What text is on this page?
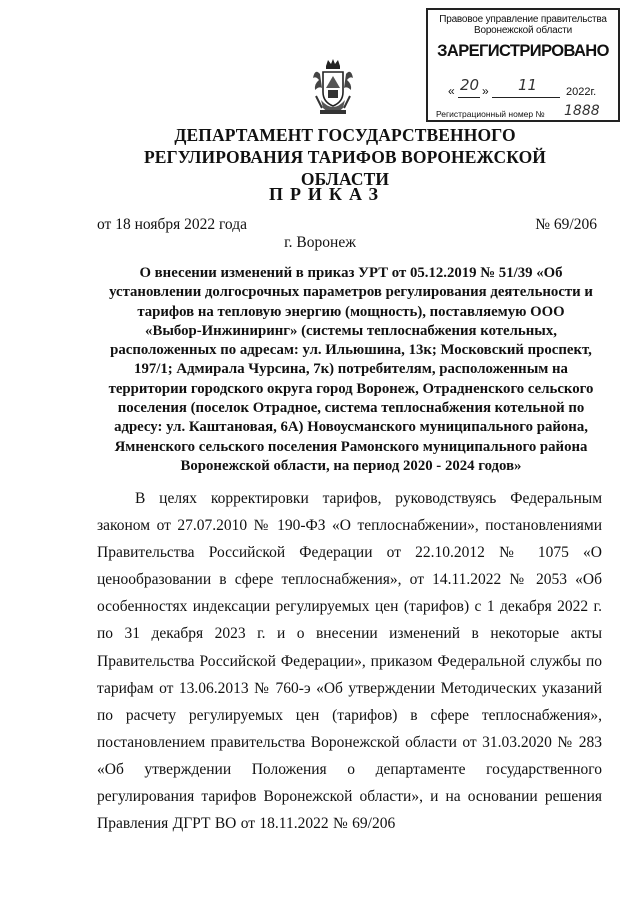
Правовое управление правительства Воронежской области
ЗАРЕГИСТРИРОВАНО
« 20 » 11	2022г.
Регистрационный номер № 1888
ДЕПАРТАМЕНТ ГОСУДАРСТВЕННОГО РЕГУЛИРОВАНИЯ ТАРИФОВ ВОРОНЕЖСКОЙ ОБЛАСТИ
ПРИКАЗ
от 18 ноября 2022 года	№ 69/206
г. Воронеж
О внесении изменений в приказ УРТ от 05.12.2019 № 51/39 «Об установлении долгосрочных параметров регулирования деятельности и тарифов на тепловую энергию (мощность), поставляемую ООО «Выбор-Инжиниринг» (системы теплоснабжения котельных, расположенных по адресам: ул. Ильюшина, 13к; Московский проспект, 197/1; Адмирала Чурсина, 7к) потребителям, расположенным на территории городского округа город Воронеж, Отрадненского сельского поселения (поселок Отрадное, система теплоснабжения котельной по адресу: ул. Каштановая, 6А) Новоусманского муниципального района, Ямненского сельского поселения Рамонского муниципального района Воронежской области, на период 2020 - 2024 годов»
В целях корректировки тарифов, руководствуясь Федеральным законом от 27.07.2010 № 190-ФЗ «О теплоснабжении», постановлениями Правительства Российской Федерации от 22.10.2012 № 1075 «О ценообразовании в сфере теплоснабжения», от 14.11.2022 № 2053 «Об особенностях индексации регулируемых цен (тарифов) с 1 декабря 2022 г. по 31 декабря 2023 г. и о внесении изменений в некоторые акты Правительства Российской Федерации», приказом Федеральной службы по тарифам от 13.06.2013 № 760-э «Об утверждении Методических указаний по расчету регулируемых цен (тарифов) в сфере теплоснабжения», постановлением правительства Воронежской области от 31.03.2020 № 283 «Об утверждении Положения о департаменте государственного регулирования тарифов Воронежской области», и на основании решения Правления ДГРТ ВО от 18.11.2022 № 69/206
